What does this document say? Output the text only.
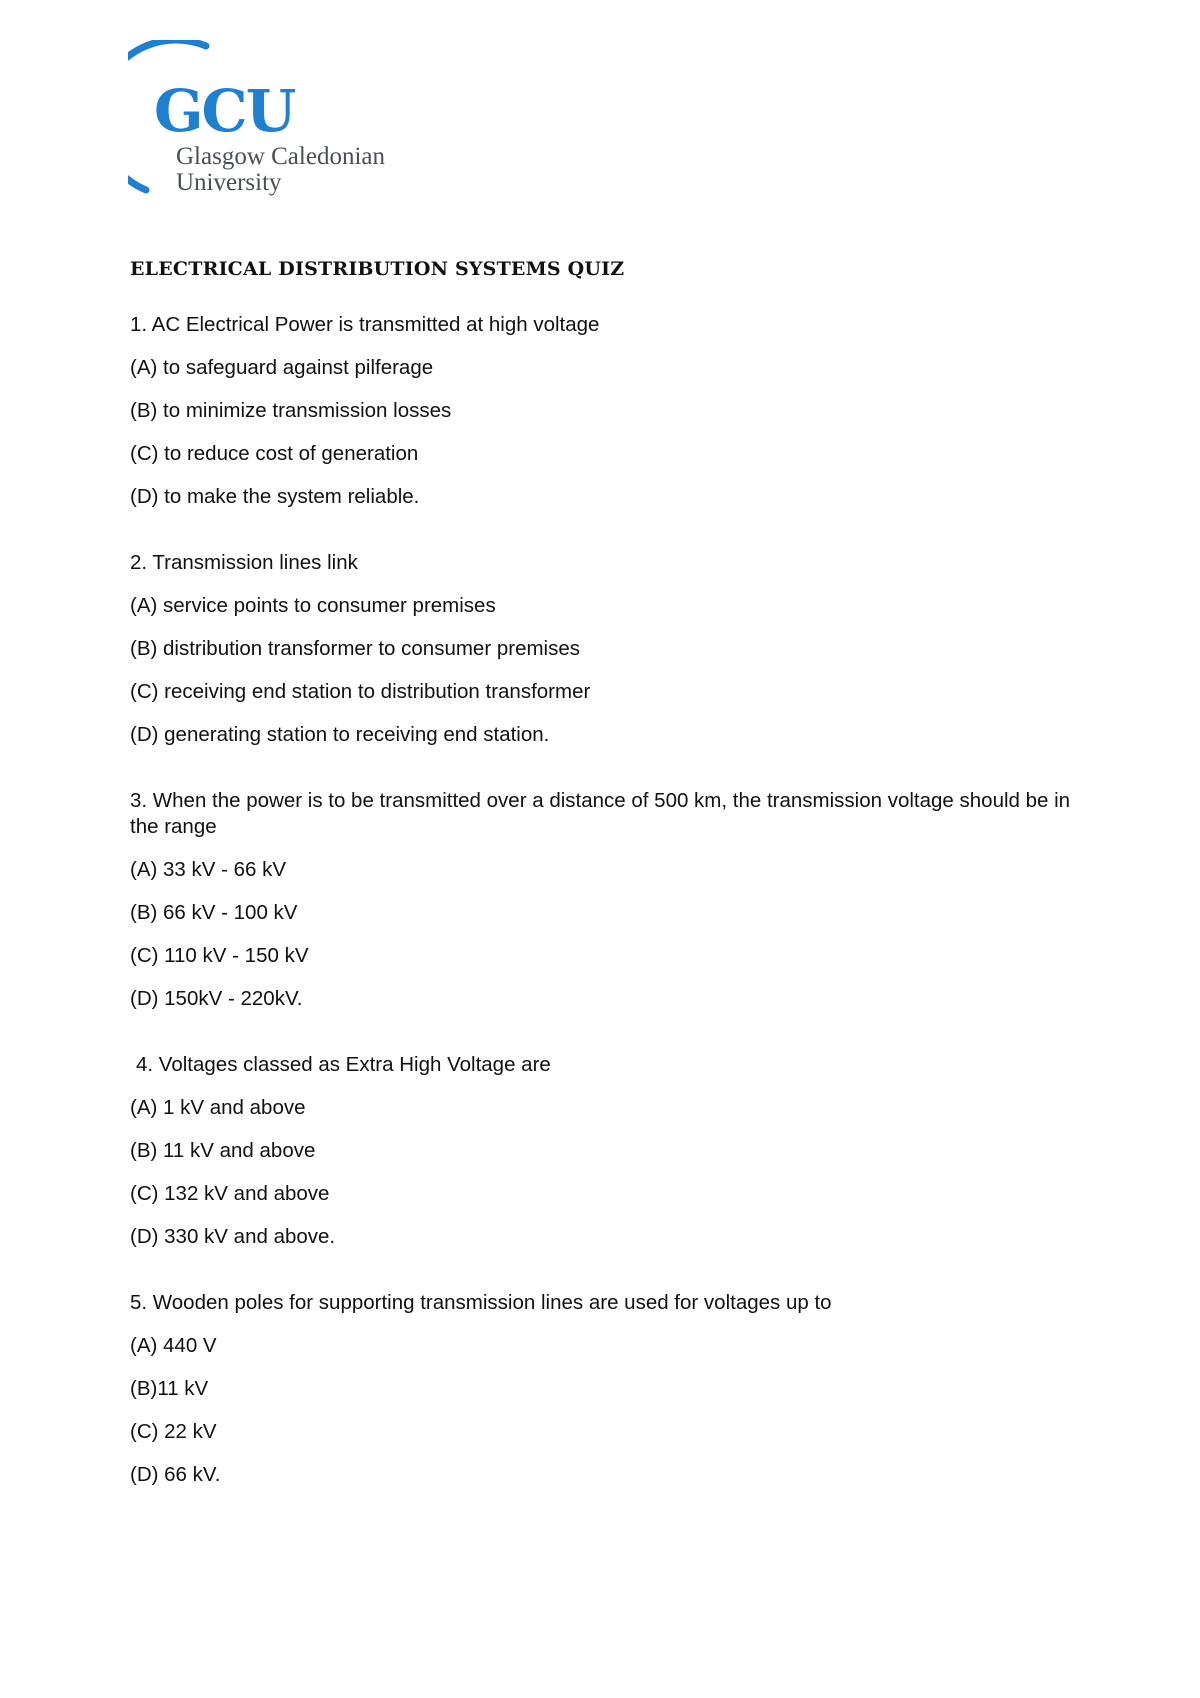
GCU
Glasgow Caledonian
University
ELECTRICAL DISTRIBUTION SYSTEMS QUIZ
1. AC Electrical Power is transmitted at high voltage
(A) to safeguard against pilferage
(B) to minimize transmission losses
(C) to reduce cost of generation
(D) to make the system reliable.
2. Transmission lines link
(A) service points to consumer premises
(B) distribution transformer to consumer premises
(C) receiving end station to distribution transformer
(D) generating station to receiving end station.
3. When the power is to be transmitted over a distance of 500 km, the transmission voltage should be in the range
(A) 33 kV - 66 kV
(B) 66 kV - 100 kV
(C) 110 kV - 150 kV
(D) 150kV - 220kV.
4. Voltages classed as Extra High Voltage are
(A) 1 kV and above
(B) 11 kV and above
(C) 132 kV and above
(D) 330 kV and above.
5. Wooden poles for supporting transmission lines are used for voltages up to
(A) 440 V
(B)11 kV
(C) 22 kV
(D) 66 kV.
